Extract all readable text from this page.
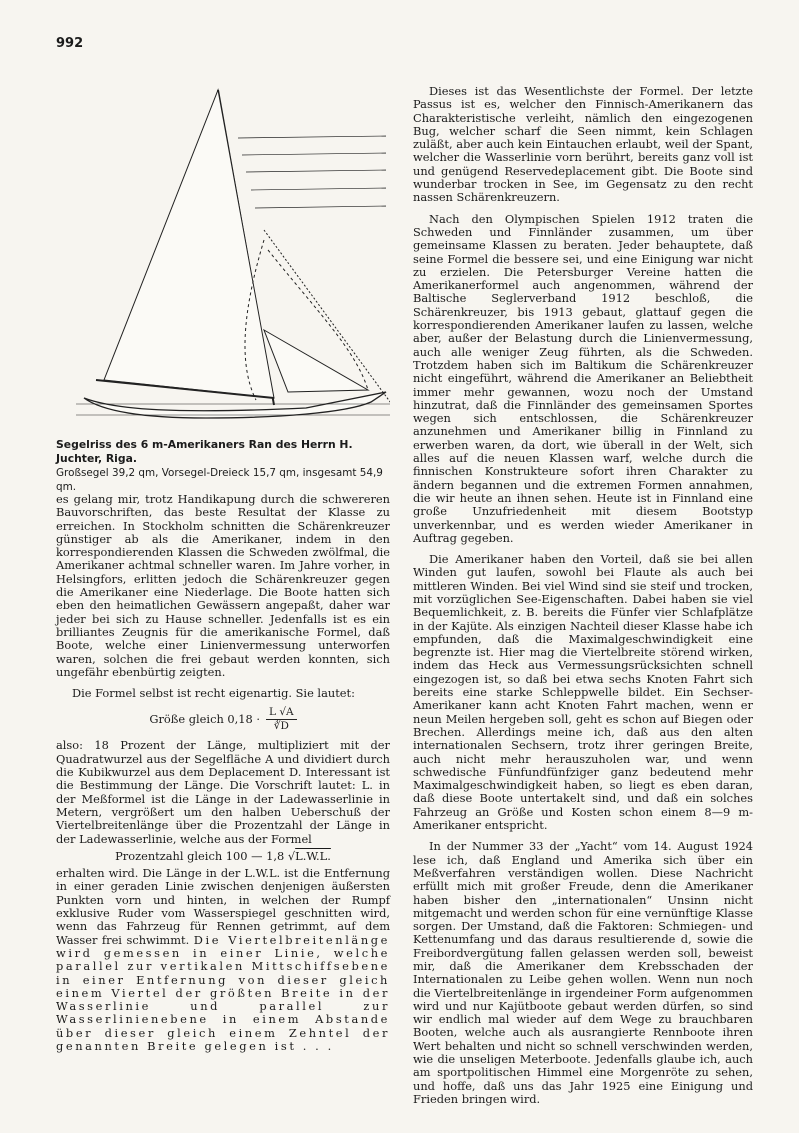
992
Segelriss des 6 m-Amerikaners Ran des Herrn H. Juchter, Riga.
Großsegel 39,2 qm, Vorsegel-Dreieck 15,7 qm, insgesamt 54,9 qm.

es gelang mir, trotz Handikapung durch die schwereren Bauvorschriften, das beste Resultat der Klasse zu erreichen. In Stockholm schnitten die Schärenkreuzer günstiger ab als die Amerikaner, indem in den korrespondierenden Klassen die Schweden zwölfmal, die Amerikaner achtmal schneller waren. Im Jahre vorher, in Helsingfors, erlitten jedoch die Schärenkreuzer gegen die Amerikaner eine Niederlage. Die Boote hatten sich eben den heimatlichen Gewässern angepaßt, daher war jeder bei sich zu Hause schneller. Jedenfalls ist es ein brilliantes Zeugnis für die amerikanische Formel, daß Boote, welche einer Linienvermessung unterworfen waren, solchen die frei gebaut werden konnten, sich ungefähr ebenbürtig zeigten.

Die Formel selbst ist recht eigenartig. Sie lautet:

Größe gleich $0,18 \cdot \frac{L √A}{∛D}$

also: 18 Prozent der Länge, multipliziert mit der Quadratwurzel aus der Segelfläche A und dividiert durch die Kubikwurzel aus dem Deplacement D. Interessant ist die Bestimmung der Länge. Die Vorschrift lautet: L. in der Meßformel ist die Länge in der Ladewasserlinie in Metern, vergrößert um den halben Ueberschuß der Viertelbreitenlänge über die Prozentzahl der Länge in der Ladewasserlinie, welche aus der Formel

Prozentzahl gleich 100 — 1,8 √L.W.L.

erhalten wird. Die Länge in der L.W.L. ist die Entfernung in einer geraden Linie zwischen denjenigen äußersten Punkten vorn und hinten, in welchen der Rumpf exklusive Ruder vom Wasserspiegel geschnitten wird, wenn das Fahrzeug für Rennen getrimmt, auf dem Wasser frei schwimmt. Die Viertelbreitenlänge wird gemessen in einer Linie, welche parallel zur vertikalen Mittschiffsebene in einer Entfernung von dieser gleich einem Viertel der größten Breite in der Wasserlinie und parallel zur Wasserlinienebene in einem Abstande über dieser gleich einem Zehntel der genannten Breite gelegen ist . . .

Dieses ist das Wesentlichste der Formel. Der letzte Passus ist es, welcher den Finnisch-Amerikanern das Charakteristische verleiht, nämlich den eingezogenen Bug, welcher scharf die Seen nimmt, kein Schlagen zuläßt, aber auch kein Eintauchen erlaubt, weil der Spant, welcher die Wasserlinie vorn berührt, bereits ganz voll ist und genügend Reservedeplacement gibt. Die Boote sind wunderbar trocken in See, im Gegensatz zu den recht nassen Schärenkreuzern.

Nach den Olympischen Spielen 1912 traten die Schweden und Finnländer zusammen, um über gemeinsame Klassen zu beraten. Jeder behauptete, daß seine Formel die bessere sei, und eine Einigung war nicht zu erzielen. Die Petersburger Vereine hatten die Amerikanerformel auch angenommen, während der Baltische Seglerverband 1912 beschloß, die Schärenkreuzer, bis 1913 gebaut, glattauf gegen die korrespondierenden Amerikaner laufen zu lassen, welche aber, außer der Belastung durch die Linienvermessung, auch alle weniger Zeug führten, als die Schweden. Trotzdem haben sich im Baltikum die Schärenkreuzer nicht eingeführt, während die Amerikaner an Beliebtheit immer mehr gewannen, wozu noch der Umstand hinzutrat, daß die Finnländer des gemeinsamen Sportes wegen sich entschlossen, die Schärenkreuzer anzunehmen und Amerikaner billig in Finnland zu erwerben waren, da dort, wie überall in der Welt, sich alles auf die neuen Klassen warf, welche durch die finnischen Konstrukteure sofort ihren Charakter zu ändern begannen und die extremen Formen annahmen, die wir heute an ihnen sehen. Heute ist in Finnland eine große Unzufriedenheit mit diesem Bootstyp unverkennbar, und es werden wieder Amerikaner in Auftrag gegeben.

Die Amerikaner haben den Vorteil, daß sie bei allen Winden gut laufen, sowohl bei Flaute als auch bei mittleren Winden. Bei viel Wind sind sie steif und trocken, mit vorzüglichen See-Eigenschaften. Dabei haben sie viel Bequemlichkeit, z. B. bereits die Fünfer vier Schlafplätze in der Kajüte. Als einzigen Nachteil dieser Klasse habe ich empfunden, daß die Maximalgeschwindigkeit eine begrenzte ist. Hier mag die Viertelbreite störend wirken, indem das Heck aus Vermessungsrücksichten schnell eingezogen ist, so daß bei etwa sechs Knoten Fahrt sich bereits eine starke Schleppwelle bildet. Ein Sechser-Amerikaner kann acht Knoten Fahrt machen, wenn er neun Meilen hergeben soll, geht es schon auf Biegen oder Brechen. Allerdings meine ich, daß aus den alten internationalen Sechsern, trotz ihrer geringen Breite, auch nicht mehr herauszuholen war, und wenn schwedische Fünfundfünfziger ganz bedeutend mehr Maximalgeschwindigkeit haben, so liegt es eben daran, daß diese Boote untertakelt sind, und daß ein solches Fahrzeug an Größe und Kosten schon einem 8—9 m-Amerikaner entspricht.

In der Nummer 33 der „Yacht“ vom 14. August 1924 lese ich, daß England und Amerika sich über ein Meßverfahren verständigen wollen. Diese Nachricht erfüllt mich mit großer Freude, denn die Amerikaner haben bisher den „internationalen“ Unsinn nicht mitgemacht und werden schon für eine vernünftige Klasse sorgen. Der Umstand, daß die Faktoren: Schmiegen- und Kettenumfang und das daraus resultierende d, sowie die Freibordvergütung fallen gelassen werden soll, beweist mir, daß die Amerikaner dem Krebsschaden der Internationalen zu Leibe gehen wollen. Wenn nun noch die Viertelbreitenlänge in irgendeiner Form aufgenommen wird und nur Kajütboote gebaut werden dürfen, so sind wir endlich mal wieder auf dem Wege zu brauchbaren Booten, welche auch als ausrangierte Rennboote ihren Wert behalten und nicht so schnell verschwinden werden, wie die unseligen Meterboote. Jedenfalls glaube ich, auch am sportpolitischen Himmel eine Morgenröte zu sehen, und hoffe, daß uns das Jahr 1925 eine Einigung und Frieden bringen wird.
